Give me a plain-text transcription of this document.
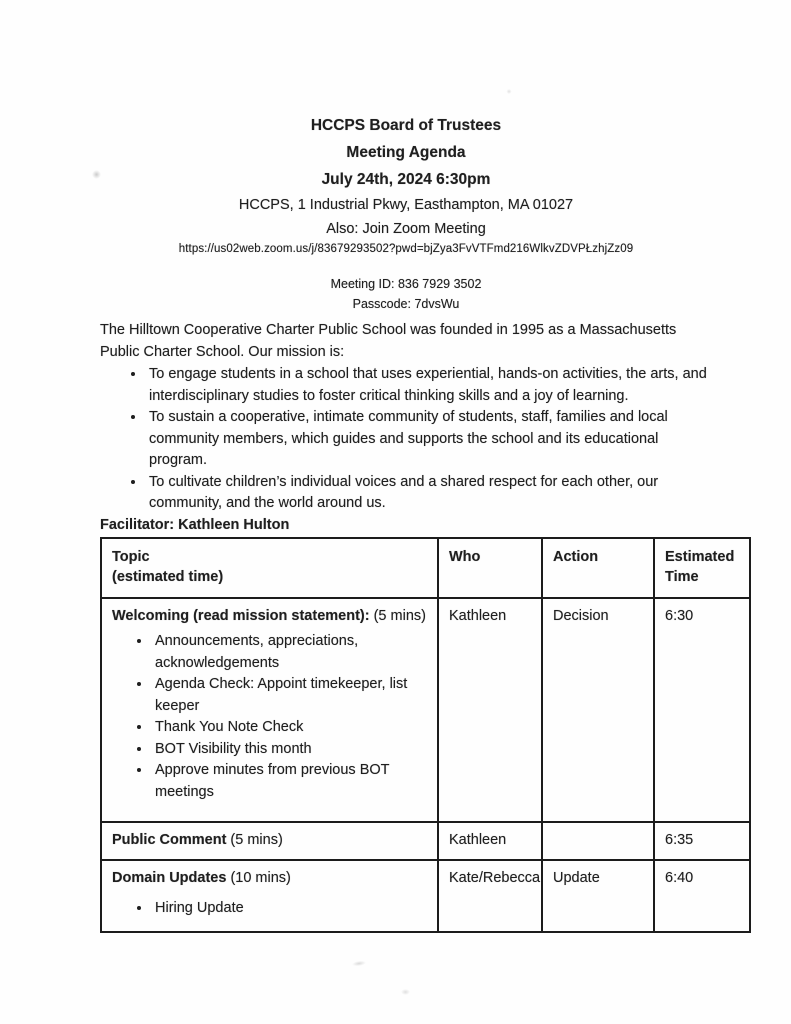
HCCPS Board of Trustees
Meeting Agenda
July 24th, 2024 6:30pm
HCCPS, 1 Industrial Pkwy, Easthampton, MA 01027
Also: Join Zoom Meeting
https://us02web.zoom.us/j/83679293502?pwd=bjZya3FvVTFmd216WlkvZDVPŁzhjZz09
Meeting ID: 836 7929 3502
Passcode: 7dvsWu

The Hilltown Cooperative Charter Public School was founded in 1995 as a Massachusetts Public Charter School. Our mission is:

• To engage students in a school that uses experiential, hands-on activities, the arts, and interdisciplinary studies to foster critical thinking skills and a joy of learning.
• To sustain a cooperative, intimate community of students, staff, families and local community members, which guides and supports the school and its educational program.
• To cultivate children’s individual voices and a shared respect for each other, our community, and the world around us.
Facilitator: Kathleen Hulton
Topic
(estimated time)	Who	Action	Estimated
Time

Welcoming (read mission statement): (5 mins)
• Announcements, appreciations, acknowledgements
• Agenda Check: Appoint timekeeper, list keeper
• Thank You Note Check
• BOT Visibility this month
• Approve minutes from previous BOT meetings
	Kathleen	Decision	6:30
Public Comment (5 mins)	Kathleen		6:35

Domain Updates (10 mins)
• Hiring Update
	Kate/Rebecca	Update	6:40
